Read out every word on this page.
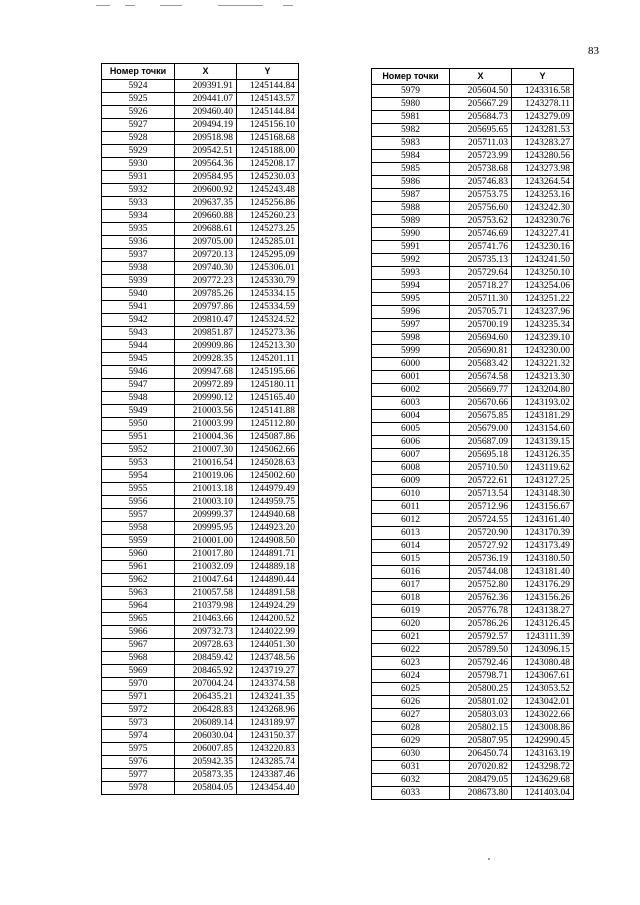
83
Номер точки	X	Y
5924	209391.91	1245144.84
5925	209441.07	1245143.57
5926	209460.40	1245144.84
5927	209494.19	1245156.10
5928	209518.98	1245168.68
5929	209542.51	1245188.00
5930	209564.36	1245208.17
5931	209584.95	1245230.03
5932	209600.92	1245243.48
5933	209637.35	1245256.86
5934	209660.88	1245260.23
5935	209688.61	1245273.25
5936	209705.00	1245285.01
5937	209720.13	1245295.09
5938	209740.30	1245306.01
5939	209772.23	1245330.79
5940	209785.26	1245334.15
5941	209797.86	1245334.59
5942	209810.47	1245324.52
5943	209851.87	1245273.36
5944	209909.86	1245213.30
5945	209928.35	1245201.11
5946	209947.68	1245195.66
5947	209972.89	1245180.11
5948	209990.12	1245165.40
5949	210003.56	1245141.88
5950	210003.99	1245112.80
5951	210004.36	1245087.86
5952	210007.30	1245062.66
5953	210016.54	1245028.63
5954	210019.06	1245002.60
5955	210013.18	1244979.49
5956	210003.10	1244959.75
5957	209999.37	1244940.68
5958	209995.95	1244923.20
5959	210001.00	1244908.50
5960	210017.80	1244891.71
5961	210032.09	1244889.18
5962	210047.64	1244890.44
5963	210057.58	1244891.58
5964	210379.98	1244924.29
5965	210463.66	1244200.52
5966	209732.73	1244022.99
5967	209728.63	1244051.30
5968	208459.42	1243748.56
5969	208465.92	1243719.27
5970	207004.24	1243374.58
5971	206435.21	1243241.35
5972	206428.83	1243268.96
5973	206089.14	1243189.97
5974	206030.04	1243150.37
5975	206007.85	1243220.83
5976	205942.35	1243285.74
5977	205873.35	1243387.46
5978	205804.05	1243454.40
Номер точки	X	Y
5979	205604.50	1243316.58
5980	205667.29	1243278.11
5981	205684.73	1243279.09
5982	205695.65	1243281.53
5983	205711.03	1243283.27
5984	205723.99	1243280.56
5985	205738.68	1243273.98
5986	205746.83	1243264.54
5987	205753.75	1243253.16
5988	205756.60	1243242.30
5989	205753.62	1243230.76
5990	205746.69	1243227.41
5991	205741.76	1243230.16
5992	205735.13	1243241.50
5993	205729.64	1243250.10
5994	205718.27	1243254.06
5995	205711.30	1243251.22
5996	205705.71	1243237.96
5997	205700.19	1243235.34
5998	205694.60	1243239.10
5999	205690.81	1243230.00
6000	205683.42	1243221.32
6001	205674.58	1243213.30
6002	205669.77	1243204.80
6003	205670.66	1243193.02
6004	205675.85	1243181.29
6005	205679.00	1243154.60
6006	205687.09	1243139.15
6007	205695.18	1243126.35
6008	205710.50	1243119.62
6009	205722.61	1243127.25
6010	205713.54	1243148.30
6011	205712.96	1243156.67
6012	205724.55	1243161.40
6013	205720.90	1243170.39
6014	205727.92	1243173.49
6015	205736.19	1243180.50
6016	205744.08	1243181.40
6017	205752.80	1243176.29
6018	205762.36	1243156.26
6019	205776.78	1243138.27
6020	205786.26	1243126.45
6021	205792.57	1243111.39
6022	205789.50	1243096.15
6023	205792.46	1243080.48
6024	205798.71	1243067.61
6025	205800.25	1243053.52
6026	205801.02	1243042.01
6027	205803.03	1243022.66
6028	205802.15	1243008.86
6029	205807.95	1242990.45
6030	206450.74	1243163.19
6031	207020.82	1243298.72
6032	208479.05	1243629.68
6033	208673.80	1241403.04
